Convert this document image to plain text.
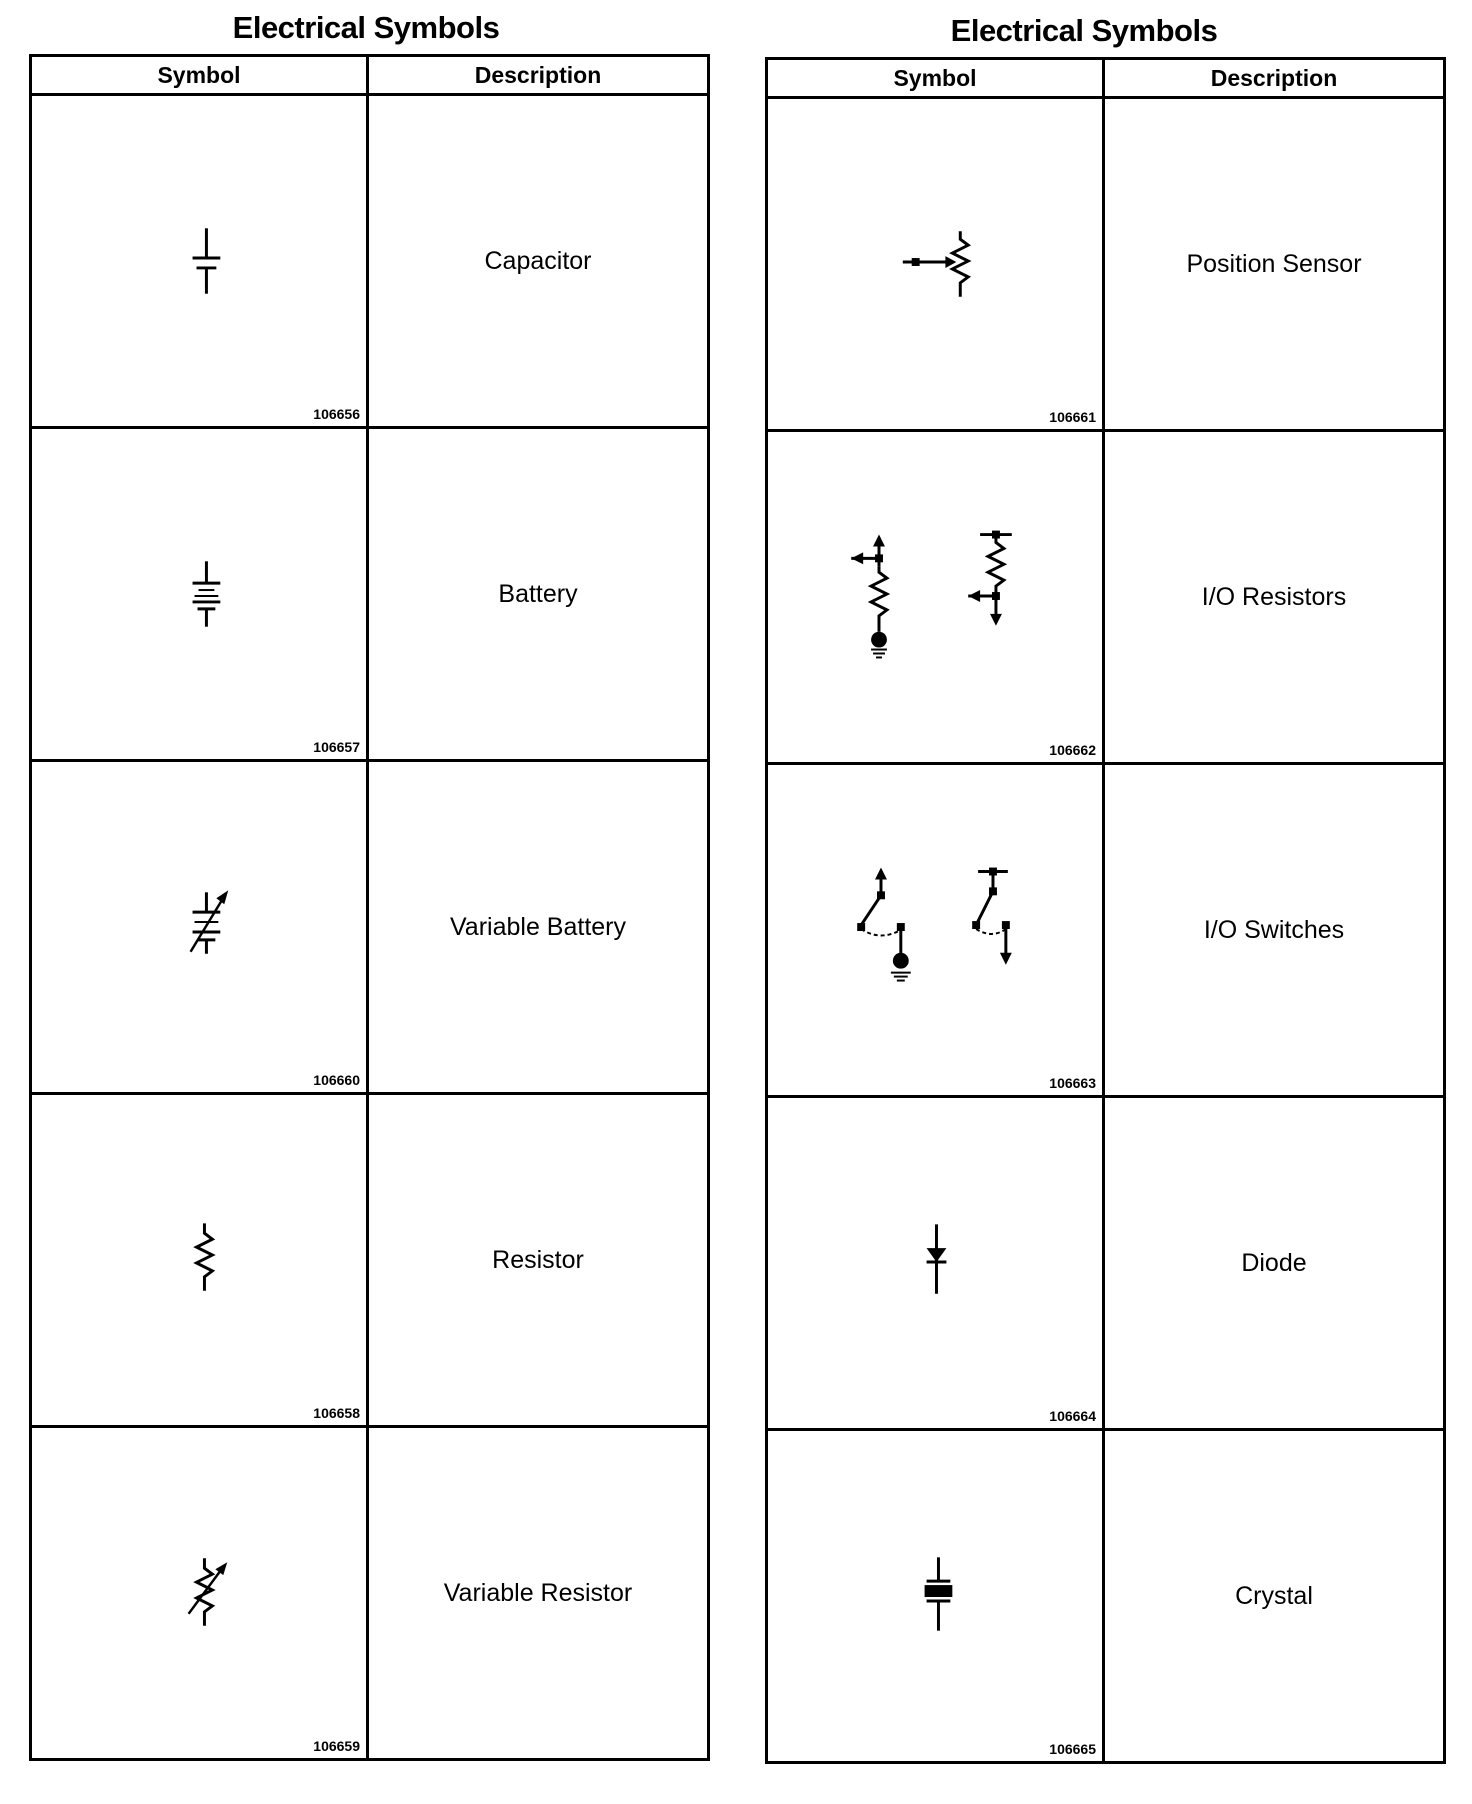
Electrical Symbols
Symbol	Description

106656	Capacitor

106657	Battery

106660	Variable Battery

106658	Resistor

106659	Variable Resistor
Electrical Symbols
Symbol	Description

106661	Position Sensor

106662	I/O Resistors

106663	I/O Switches

106664	Diode

106665	Crystal
